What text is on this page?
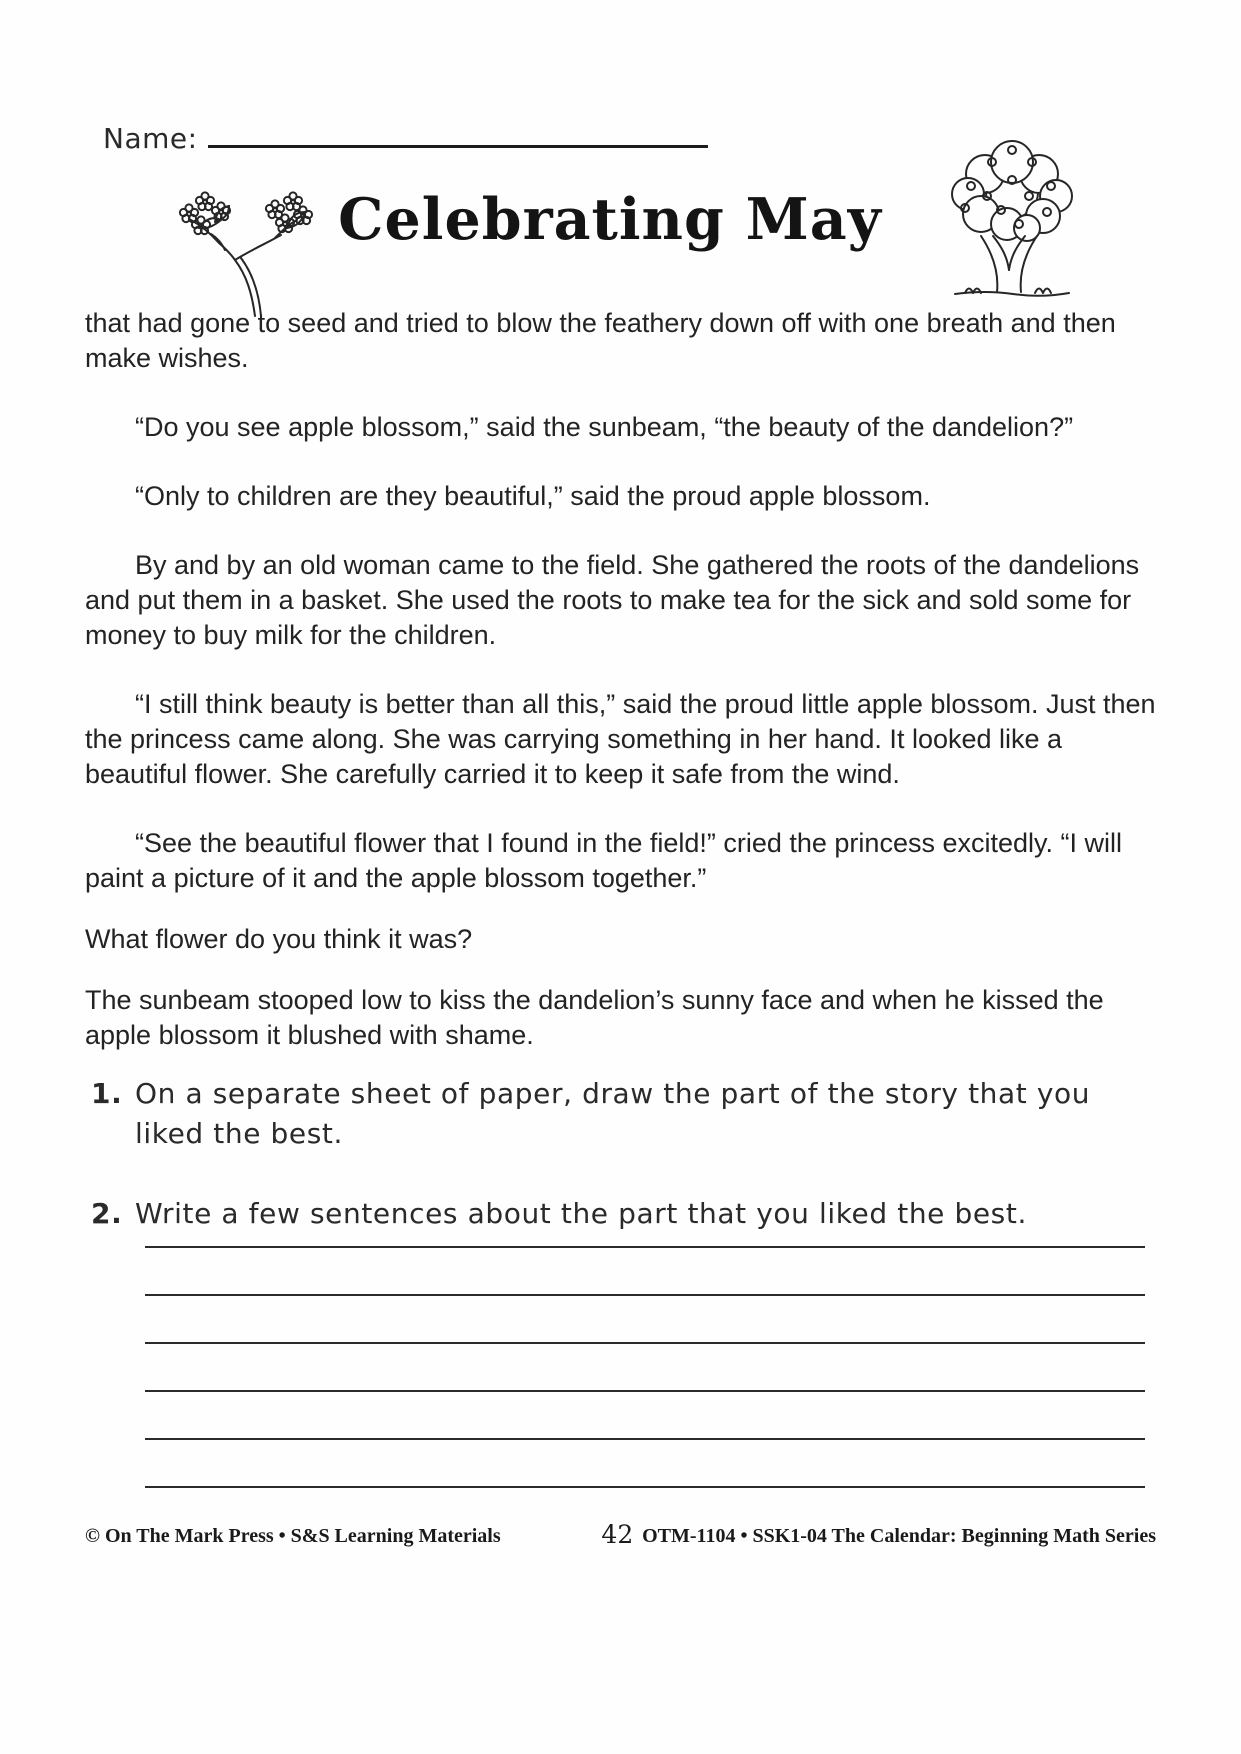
Name:
Celebrating May

that had gone to seed and tried to blow the feathery down off with one breath and then make wishes.

“Do you see apple blossom,” said the sunbeam, “the beauty of the dandelion?”

“Only to children are they beautiful,” said the proud apple blossom.

By and by an old woman came to the field. She gathered the roots of the dandelions and put them in a basket. She used the roots to make tea for the sick and sold some for money to buy milk for the children.

“I still think beauty is better than all this,” said the proud little apple blossom. Just then the princess came along. She was carrying something in her hand. It looked like a beautiful flower. She carefully carried it to keep it safe from the wind.

“See the beautiful flower that I found in the field!” cried the princess excitedly. “I will paint a picture of it and the apple blossom together.”

What flower do you think it was?

The sunbeam stooped low to kiss the dandelion’s sunny face and when he kissed the apple blossom it blushed with shame.

1. On a separate sheet of paper, draw the part of the story that you liked the best.
2. Write a few sentences about the part that you liked the best.
© On The Mark Press • S&S Learning Materials	42 OTM-1104 • SSK1-04 The Calendar: Beginning Math Series
